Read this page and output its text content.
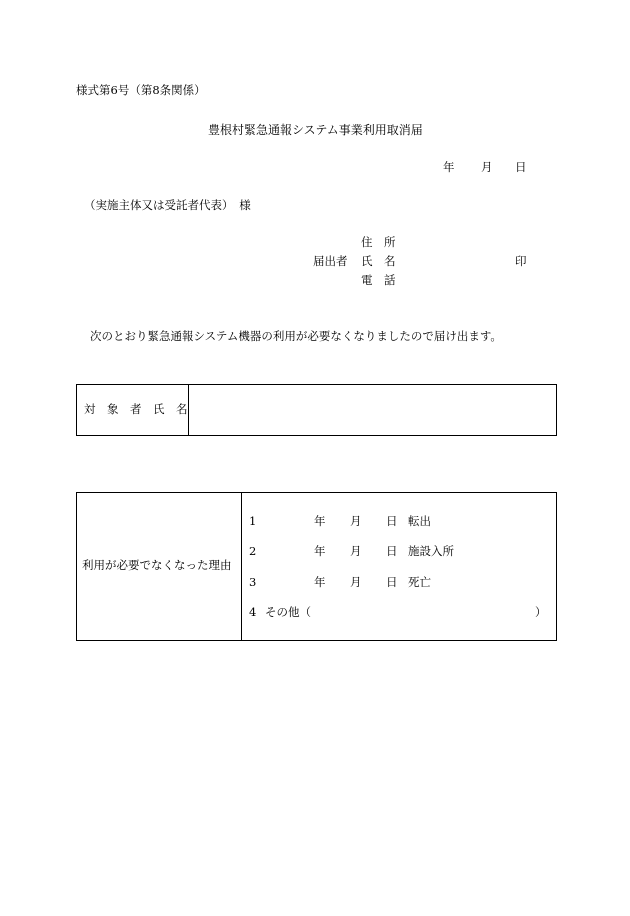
様式第6号（第8条関係）
豊根村緊急通報システム事業利用取消届
年 月 日
（実施主体又は受託者代表）　様
住　所
届出者 氏　名	印
電　話
次のとおり緊急通報システム機器の利用が必要なくなりましたので届け出ます。
対　象　者　氏　名
利用が必要でなくなった理由
1	年 月 日 転出
2	年 月 日 施設入所
3	年 月 日 死亡
4 その他（	）
